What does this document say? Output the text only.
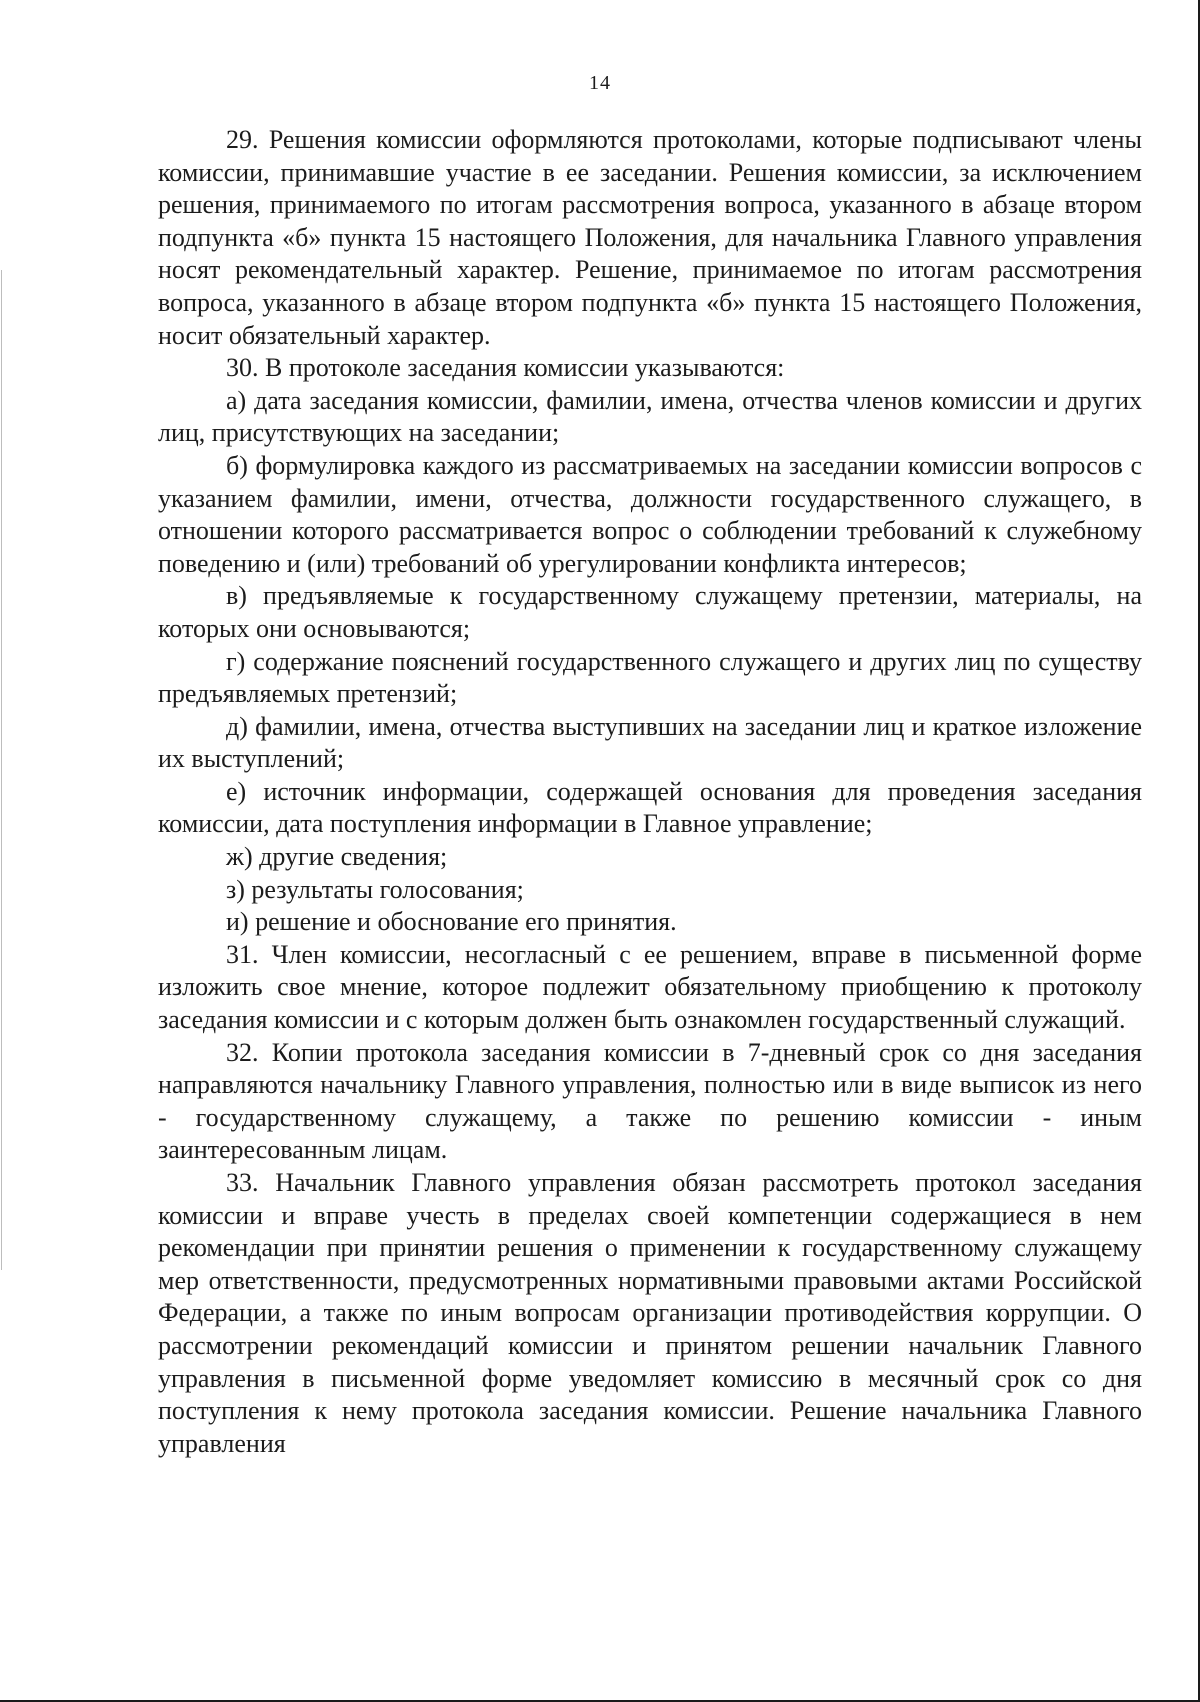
14

29. Решения комиссии оформляются протоколами, которые подписывают члены комиссии, принимавшие участие в ее заседании. Решения комиссии, за исключением решения, принимаемого по итогам рассмотрения вопроса, указанного в абзаце втором подпункта «б» пункта 15 настоящего Положения, для начальника Главного управления носят рекомендательный характер. Решение, принимаемое по итогам рассмотрения вопроса, указанного в абзаце втором подпункта «б» пункта 15 настоящего Положения, носит обязательный характер.

30. В протоколе заседания комиссии указываются:

а) дата заседания комиссии, фамилии, имена, отчества членов комиссии и других лиц, присутствующих на заседании;

б) формулировка каждого из рассматриваемых на заседании комиссии вопросов с указанием фамилии, имени, отчества, должности государственного служащего, в отношении которого рассматривается вопрос о соблюдении требований к служебному поведению и (или) требований об урегулировании конфликта интересов;

в) предъявляемые к государственному служащему претензии, материалы, на которых они основываются;

г) содержание пояснений государственного служащего и других лиц по существу предъявляемых претензий;

д) фамилии, имена, отчества выступивших на заседании лиц и краткое изложение их выступлений;

е) источник информации, содержащей основания для проведения заседания комиссии, дата поступления информации в Главное управление;

ж) другие сведения;

з) результаты голосования;

и) решение и обоснование его принятия.

31. Член комиссии, несогласный с ее решением, вправе в письменной форме изложить свое мнение, которое подлежит обязательному приобщению к протоколу заседания комиссии и с которым должен быть ознакомлен государственный служащий.

32. Копии протокола заседания комиссии в 7-дневный срок со дня заседания направляются начальнику Главного управления, полностью или в виде выписок из него - государственному служащему, а также по решению комиссии - иным заинтересованным лицам.

33. Начальник Главного управления обязан рассмотреть протокол заседания комиссии и вправе учесть в пределах своей компетенции содержащиеся в нем рекомендации при принятии решения о применении к государственному служащему мер ответственности, предусмотренных нормативными правовыми актами Российской Федерации, а также по иным вопросам организации противодействия коррупции. О рассмотрении рекомендаций комиссии и принятом решении начальник Главного управления в письменной форме уведомляет комиссию в месячный срок со дня поступления к нему протокола заседания комиссии. Решение начальника Главного управления
